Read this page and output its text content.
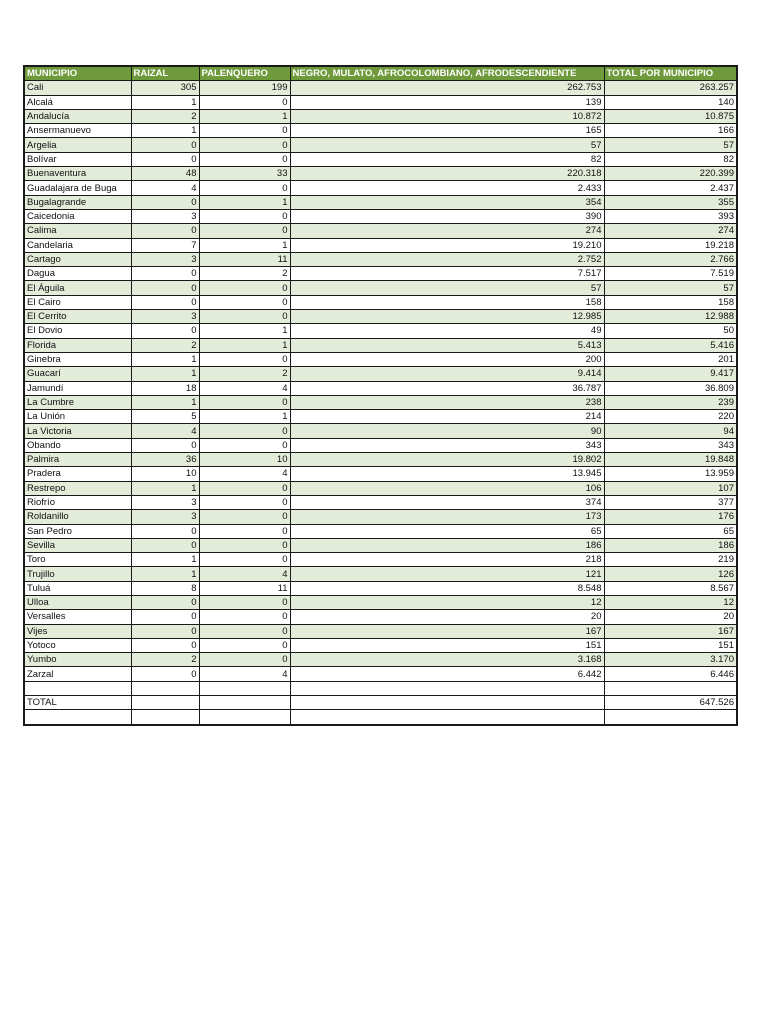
MUNICIPIO	RAIZAL	PALENQUERO	NEGRO, MULATO, AFROCOLOMBIANO, AFRODESCENDIENTE	TOTAL POR MUNICIPIO
Cali	305	199	262.753	263.257
Alcalá	1	0	139	140
Andalucía	2	1	10.872	10.875
Ansermanuevo	1	0	165	166
Argelia	0	0	57	57
Bolívar	0	0	82	82
Buenaventura	48	33	220.318	220.399
Guadalajara de Buga	4	0	2.433	2.437
Bugalagrande	0	1	354	355
Caicedonia	3	0	390	393
Calima	0	0	274	274
Candelaria	7	1	19.210	19.218
Cartago	3	11	2.752	2.766
Dagua	0	2	7.517	7.519
El Águila	0	0	57	57
El Cairo	0	0	158	158
El Cerrito	3	0	12.985	12.988
El Dovio	0	1	49	50
Florida	2	1	5.413	5.416
Ginebra	1	0	200	201
Guacarí	1	2	9.414	9.417
Jamundí	18	4	36.787	36.809
La Cumbre	1	0	238	239
La Unión	5	1	214	220
La Victoria	4	0	90	94
Obando	0	0	343	343
Palmira	36	10	19.802	19.848
Pradera	10	4	13.945	13.959
Restrepo	1	0	106	107
Riofrío	3	0	374	377
Roldanillo	3	0	173	176
San Pedro	0	0	65	65
Sevilla	0	0	186	186
Toro	1	0	218	219
Trujillo	1	4	121	126
Tuluá	8	11	8.548	8.567
Ulloa	0	0	12	12
Versalles	0	0	20	20
Vijes	0	0	167	167
Yotoco	0	0	151	151
Yumbo	2	0	3.168	3.170
Zarzal	0	4	6.442	6.446

TOTAL				647.526
